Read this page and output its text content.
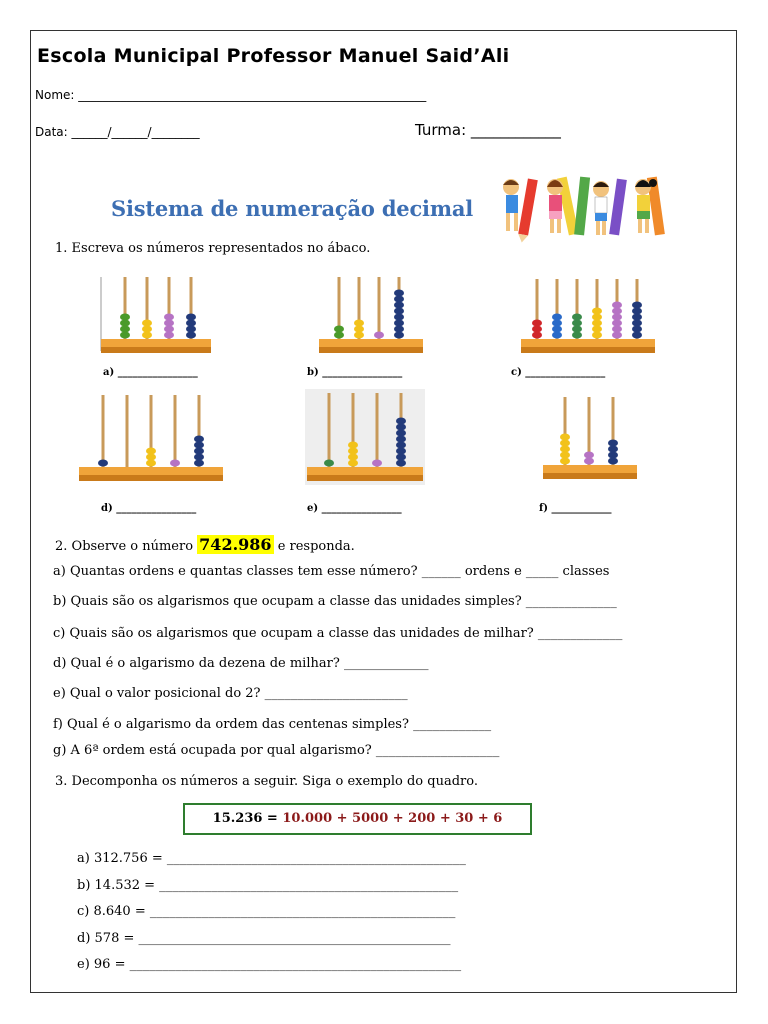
Escola Municipal Professor Manuel Said’Ali
Nome: __________________________________________________________
Data: ______/______/________	Turma: ____________
Sistema de numeração decimal
1. Escreva os números representados no ábaco.
a) ________________	b) ________________	c) ________________
d) ________________	e) ________________	f) ____________
2. Observe o número 742.986 e responda.
a) Quantas ordens e quantas classes tem esse número? ______ ordens e _____ classes
b) Quais são os algarismos que ocupam a classe das unidades simples? ______________
c) Quais são os algarismos que ocupam a classe das unidades de milhar? _____________
d) Qual é o algarismo da dezena de milhar? _____________
e) Qual o valor posicional do 2? ______________________
f) Qual é o algarismo da ordem das centenas simples? ____________
g) A 6ª ordem está ocupada por qual algarismo? ___________________
3. Decomponha os números a seguir. Siga o exemplo do quadro.
15.236 = 10.000 + 5000 + 200 + 30 + 6
a) 312.756 = ______________________________________________
b) 14.532 = ______________________________________________
c) 8.640 = _______________________________________________
d) 578 = ________________________________________________
e) 96 = ___________________________________________________
